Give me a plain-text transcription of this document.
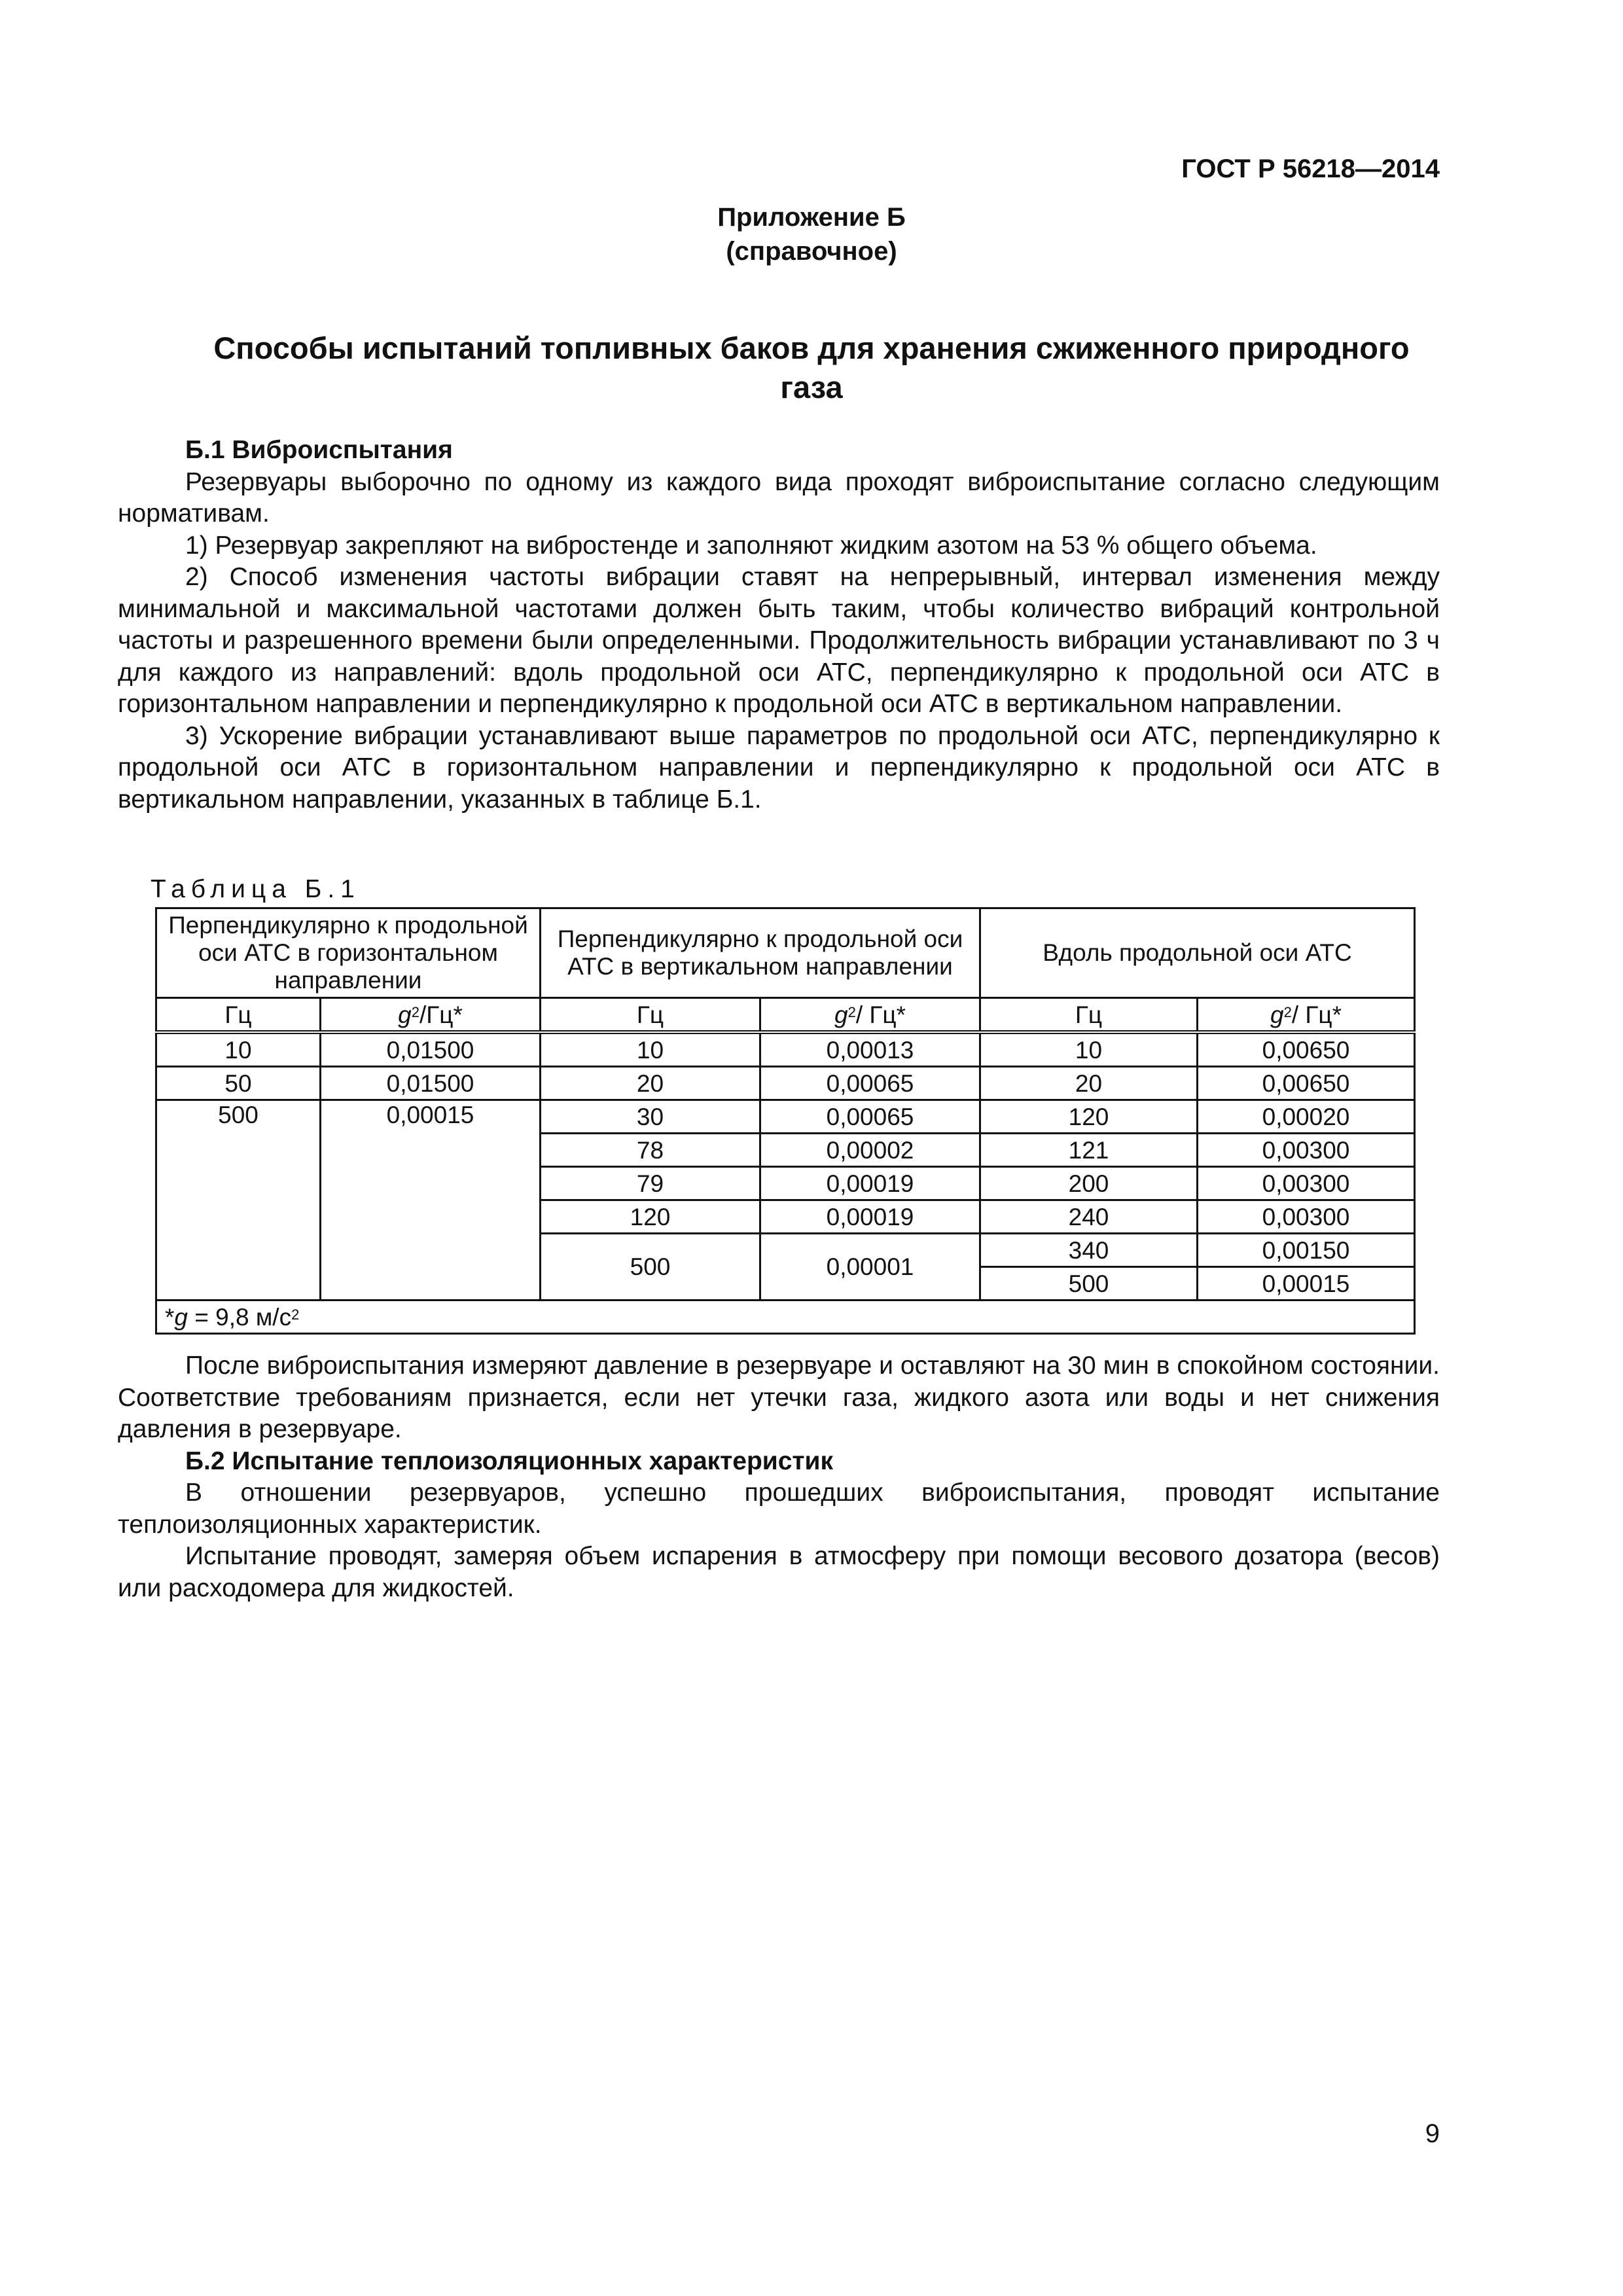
ГОСТ Р 56218—2014
Приложение Б
(справочное)
Способы испытаний топливных баков для хранения сжиженного природного газа

Б.1 Виброиспытания

Резервуары выборочно по одному из каждого вида проходят виброиспытание согласно следующим нормативам.

1) Резервуар закрепляют на вибростенде и заполняют жидким азотом на 53 % общего объема.

2) Способ изменения частоты вибрации ставят на непрерывный, интервал изменения между минимальной и максимальной частотами должен быть таким, чтобы количество вибраций контрольной частоты и разрешенного времени были определенными. Продолжительность вибрации устанавливают по 3 ч для каждого из направлений: вдоль продольной оси АТС, перпендикулярно к продольной оси АТС в горизонтальном направлении и перпендикулярно к продольной оси АТС в вертикальном направлении.

3) Ускорение вибрации устанавливают выше параметров по продольной оси АТС, перпендикулярно к продольной оси АТС в горизонтальном направлении и перпендикулярно к продольной оси АТС в вертикальном направлении, указанных в таблице Б.1.

Таблица Б.1
Перпендикулярно к продольной оси АТС в горизонтальном направлении		Перпендикулярно к продольной оси АТС в вертикальном направлении		Вдоль продольной оси АТС	
Гц	$g^2/Гц*$	Гц	$g^2/$ Гц*	Гц	$g^2/$ Гц*
10	0,01500	10	0,00013	10	0,00650
50	0,01500	20	0,00065	20	0,00650
500	0,00015	30	0,00065	120	0,00020
		78	0,00002	121	0,00300
		79	0,00019	200	0,00300
		120	0,00019	240	0,00300
		500	0,00001	340	0,00150
				500	0,00015
*g = 9,8 $м/с^2$

После виброиспытания измеряют давление в резервуаре и оставляют на 30 мин в спокойном состоянии. Соответствие требованиям признается, если нет утечки газа, жидкого азота или воды и нет снижения давления в резервуаре.

Б.2 Испытание теплоизоляционных характеристик

В отношении резервуаров, успешно прошедших виброиспытания, проводят испытание теплоизоляционных характеристик.

Испытание проводят, замеряя объем испарения в атмосферу при помощи весового дозатора (весов) или расходомера для жидкостей.

9
